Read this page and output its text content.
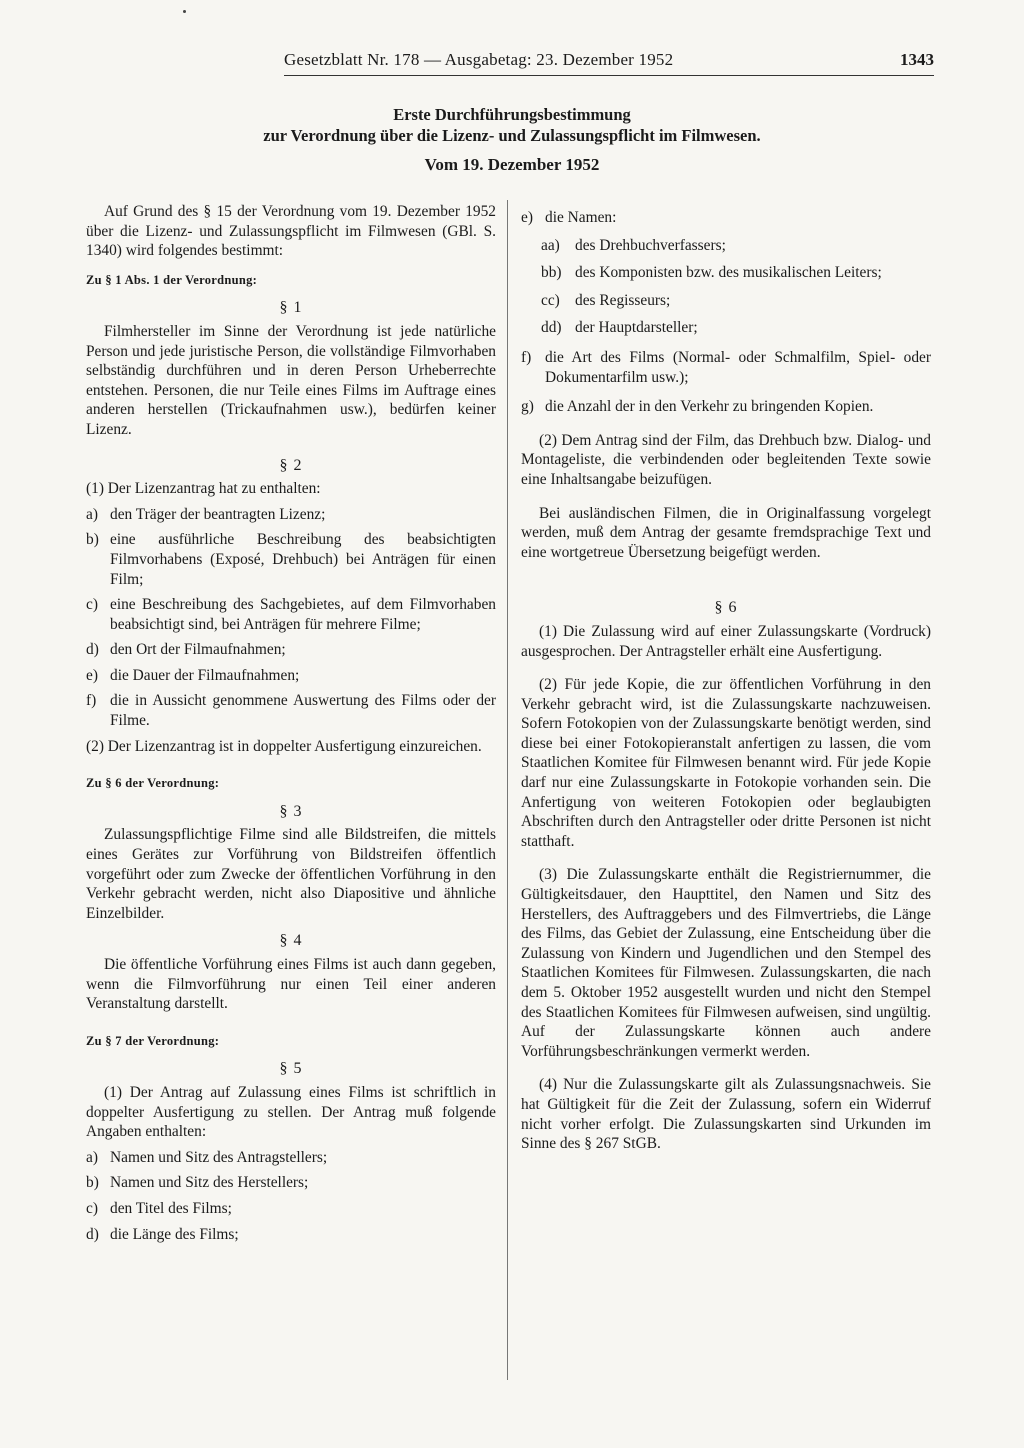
Gesetzblatt Nr. 178 — Ausgabetag: 23. Dezember 1952	1343
Erste Durchführungsbestimmung
zur Verordnung über die Lizenz- und Zulassungspflicht im Filmwesen.
Vom 19. Dezember 1952

Auf Grund des § 15 der Verordnung vom 19. Dezember 1952 über die Lizenz- und Zulassungspflicht im Filmwesen (GBl. S. 1340) wird folgendes bestimmt:

Zu § 1 Abs. 1 der Verordnung:

§ 1

Filmhersteller im Sinne der Verordnung ist jede natürliche Person und jede juristische Person, die vollständige Filmvorhaben selbständig durchführen und in deren Person Urheberrechte entstehen. Personen, die nur Teile eines Films im Auftrage eines anderen herstellen (Trickaufnahmen usw.), bedürfen keiner Lizenz.

§ 2

(1) Der Lizenzantrag hat zu enthalten:

a) den Träger der beantragten Lizenz;
b) eine ausführliche Beschreibung des beabsichtigten Filmvorhabens (Exposé, Drehbuch) bei Anträgen für einen Film;
c) eine Beschreibung des Sachgebietes, auf dem Filmvorhaben beabsichtigt sind, bei Anträgen für mehrere Filme;
d) den Ort der Filmaufnahmen;
e) die Dauer der Filmaufnahmen;
f) die in Aussicht genommene Auswertung des Films oder der Filme.

(2) Der Lizenzantrag ist in doppelter Ausfertigung einzureichen.

Zu § 6 der Verordnung:

§ 3

Zulassungspflichtige Filme sind alle Bildstreifen, die mittels eines Gerätes zur Vorführung von Bildstreifen öffentlich vorgeführt oder zum Zwecke der öffentlichen Vorführung in den Verkehr gebracht werden, nicht also Diapositive und ähnliche Einzelbilder.

§ 4

Die öffentliche Vorführung eines Films ist auch dann gegeben, wenn die Filmvorführung nur einen Teil einer anderen Veranstaltung darstellt.

Zu § 7 der Verordnung:

§ 5

(1) Der Antrag auf Zulassung eines Films ist schriftlich in doppelter Ausfertigung zu stellen. Der Antrag muß folgende Angaben enthalten:

a) Namen und Sitz des Antragstellers;
b) Namen und Sitz des Herstellers;
c) den Titel des Films;
d) die Länge des Films;
e) die Namen:
aa) des Drehbuchverfassers;
bb) des Komponisten bzw. des musikalischen Leiters;
cc) des Regisseurs;
dd) der Hauptdarsteller;
f) die Art des Films (Normal- oder Schmalfilm, Spiel- oder Dokumentarfilm usw.);
g) die Anzahl der in den Verkehr zu bringenden Kopien.

(2) Dem Antrag sind der Film, das Drehbuch bzw. Dialog- und Montageliste, die verbindenden oder begleitenden Texte sowie eine Inhaltsangabe beizufügen.

Bei ausländischen Filmen, die in Originalfassung vorgelegt werden, muß dem Antrag der gesamte fremdsprachige Text und eine wortgetreue Übersetzung beigefügt werden.

§ 6

(1) Die Zulassung wird auf einer Zulassungskarte (Vordruck) ausgesprochen. Der Antragsteller erhält eine Ausfertigung.

(2) Für jede Kopie, die zur öffentlichen Vorführung in den Verkehr gebracht wird, ist die Zulassungskarte nachzuweisen. Sofern Fotokopien von der Zulassungskarte benötigt werden, sind diese bei einer Fotokopieranstalt anfertigen zu lassen, die vom Staatlichen Komitee für Filmwesen benannt wird. Für jede Kopie darf nur eine Zulassungskarte in Fotokopie vorhanden sein. Die Anfertigung von weiteren Fotokopien oder beglaubigten Abschriften durch den Antragsteller oder dritte Personen ist nicht statthaft.

(3) Die Zulassungskarte enthält die Registriernummer, die Gültigkeitsdauer, den Haupttitel, den Namen und Sitz des Herstellers, des Auftraggebers und des Filmvertriebs, die Länge des Films, das Gebiet der Zulassung, eine Entscheidung über die Zulassung von Kindern und Jugendlichen und den Stempel des Staatlichen Komitees für Filmwesen. Zulassungskarten, die nach dem 5. Oktober 1952 ausgestellt wurden und nicht den Stempel des Staatlichen Komitees für Filmwesen aufweisen, sind ungültig. Auf der Zulassungskarte können auch andere Vorführungsbeschränkungen vermerkt werden.

(4) Nur die Zulassungskarte gilt als Zulassungsnachweis. Sie hat Gültigkeit für die Zeit der Zulassung, sofern ein Widerruf nicht vorher erfolgt. Die Zulassungskarten sind Urkunden im Sinne des § 267 StGB.
